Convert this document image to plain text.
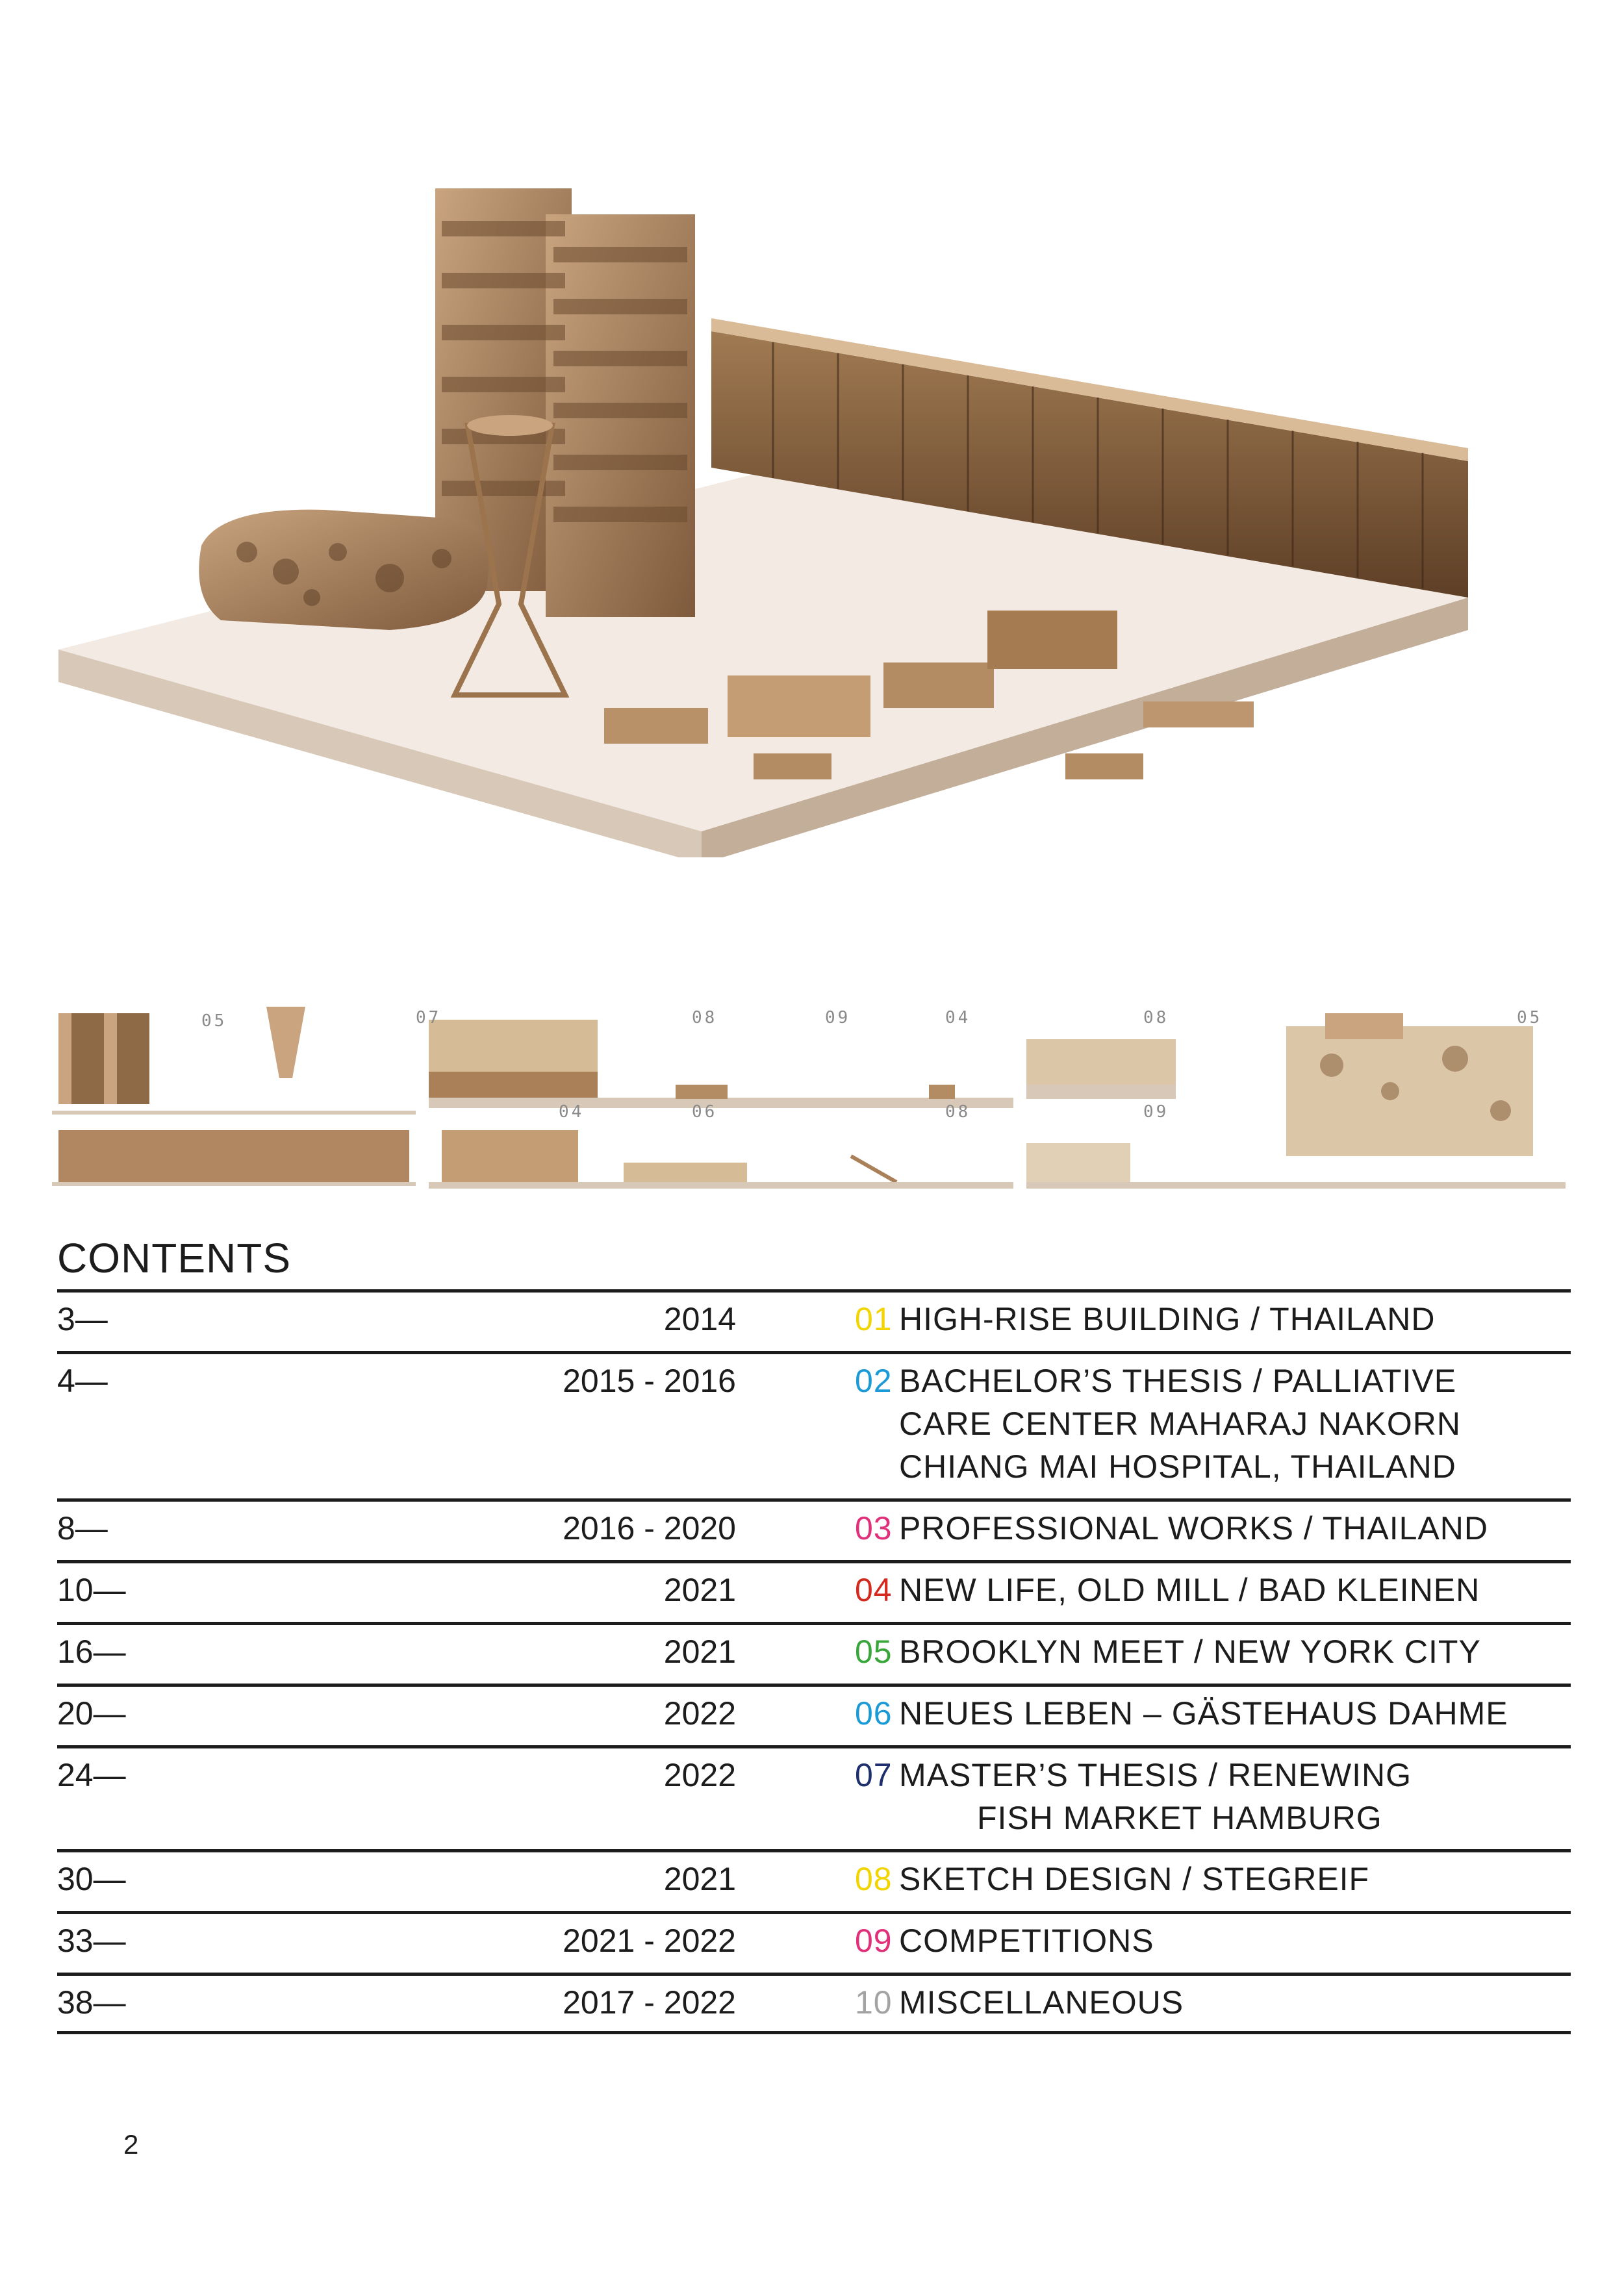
05	07	08	09	04	08	05
04	06	08	09
CONTENTS
3—	2014	01 HIGH-RISE BUILDING / THAILAND
4—	2015 - 2016	02 BACHELOR’S THESIS / PALLIATIVE
CARE CENTER MAHARAJ NAKORN
CHIANG MAI HOSPITAL, THAILAND
8—	2016 - 2020	03 PROFESSIONAL WORKS / THAILAND
10—	2021	04 NEW LIFE, OLD MILL / BAD KLEINEN
16—	2021	05 BROOKLYN MEET / NEW YORK CITY
20—	2022	06 NEUES LEBEN – GÄSTEHAUS DAHME
24—	2022	07 MASTER’S THESIS / RENEWING
FISH MARKET HAMBURG
30—	2021	08 SKETCH DESIGN / STEGREIF
33—	2021 - 2022	09 COMPETITIONS
38—	2017 - 2022	10 MISCELLANEOUS
2
